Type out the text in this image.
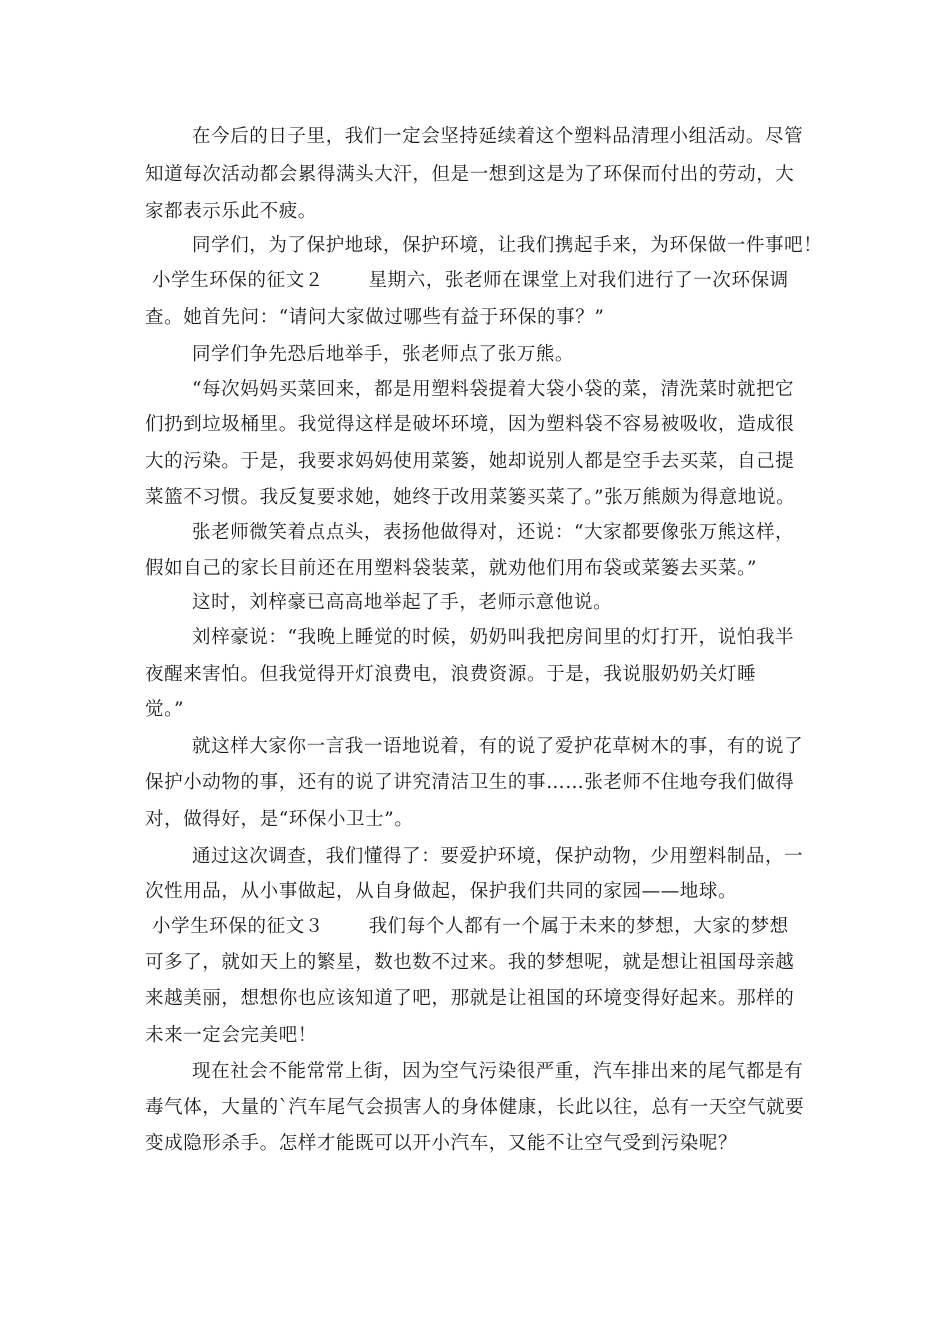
在今后的日子里，我们一定会坚持延续着这个塑料品清理小组活动。尽管
知道每次活动都会累得满头大汗，但是一想到这是为了环保而付出的劳动，大
家都表示乐此不疲。
同学们，为了保护地球，保护环境，让我们携起手来，为环保做一件事吧！
小学生环保的征文２　　 星期六，张老师在课堂上对我们进行了一次环保调
查。她首先问：“请问大家做过哪些有益于环保的事？”
同学们争先恐后地举手，张老师点了张万熊。
“每次妈妈买菜回来，都是用塑料袋提着大袋小袋的菜，清洗菜时就把它
们扔到垃圾桶里。我觉得这样是破坏环境，因为塑料袋不容易被吸收，造成很
大的污染。于是，我要求妈妈使用菜篓，她却说别人都是空手去买菜，自己提
菜篮不习惯。我反复要求她，她终于改用菜篓买菜了。”张万熊颇为得意地说。
张老师微笑着点点头，表扬他做得对，还说：“大家都要像张万熊这样，
假如自己的家长目前还在用塑料袋装菜，就劝他们用布袋或菜篓去买菜。”
这时，刘梓豪已高高地举起了手，老师示意他说。
刘梓豪说：“我晚上睡觉的时候，奶奶叫我把房间里的灯打开，说怕我半
夜醒来害怕。但我觉得开灯浪费电，浪费资源。于是，我说服奶奶关灯睡
觉。”
就这样大家你一言我一语地说着，有的说了爱护花草树木的事，有的说了
保护小动物的事，还有的说了讲究清洁卫生的事……张老师不住地夸我们做得
对，做得好，是“环保小卫士”。
通过这次调查，我们懂得了：要爱护环境，保护动物，少用塑料制品，一
次性用品，从小事做起，从自身做起，保护我们共同的家园——地球。
小学生环保的征文３　　 我们每个人都有一个属于未来的梦想，大家的梦想
可多了，就如天上的繁星，数也数不过来。我的梦想呢，就是想让祖国母亲越
来越美丽，想想你也应该知道了吧，那就是让祖国的环境变得好起来。那样的
未来一定会完美吧！
现在社会不能常常上街，因为空气污染很严重，汽车排出来的尾气都是有
毒气体，大量的`汽车尾气会损害人的身体健康，长此以往，总有一天空气就要
变成隐形杀手。怎样才能既可以开小汽车，又能不让空气受到污染呢？
